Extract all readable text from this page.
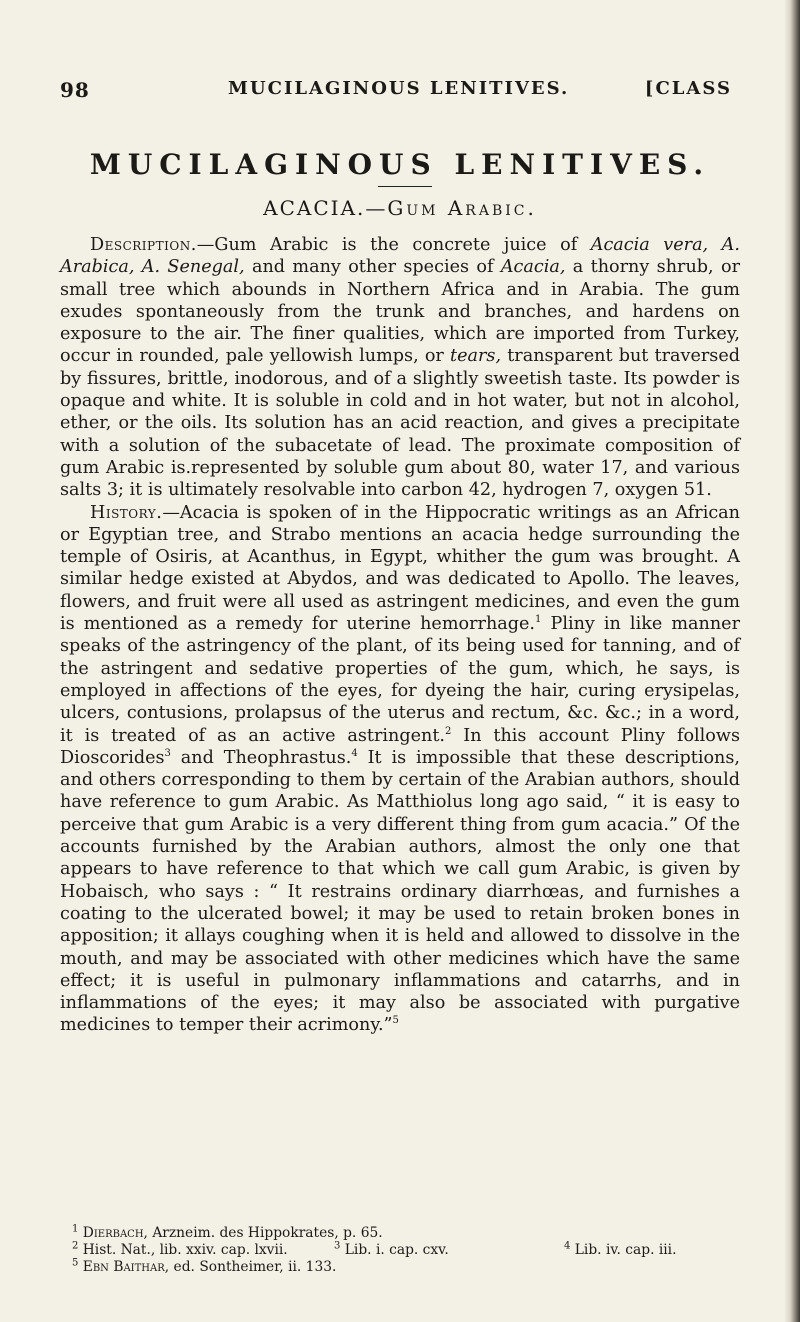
98	MUCILAGINOUS LENITIVES.	[CLASS
MUCILAGINOUS LENITIVES.
ACACIA.—Gum Arabic.

Description.—Gum Arabic is the concrete juice of Acacia vera, A. Arabica, A. Senegal, and many other species of Acacia, a thorny shrub, or small tree which abounds in Northern Africa and in Arabia. The gum exudes spontaneously from the trunk and branches, and hardens on exposure to the air. The finer qualities, which are imported from Turkey, occur in rounded, pale yellowish lumps, or tears, transparent but traversed by fissures, brittle, inodorous, and of a slightly sweetish taste. Its powder is opaque and white. It is soluble in cold and in hot water, but not in alcohol, ether, or the oils. Its solution has an acid reaction, and gives a precipitate with a solution of the subacetate of lead. The proximate composition of gum Arabic is.represented by soluble gum about 80, water 17, and various salts 3; it is ultimately resolvable into carbon 42, hydrogen 7, oxygen 51.

History.—Acacia is spoken of in the Hippocratic writings as an African or Egyptian tree, and Strabo mentions an acacia hedge surrounding the temple of Osiris, at Acanthus, in Egypt, whither the gum was brought. A similar hedge existed at Abydos, and was dedicated to Apollo. The leaves, flowers, and fruit were all used as astringent medicines, and even the gum is mentioned as a remedy for uterine hemorrhage.$^1$ Pliny in like manner speaks of the astringency of the plant, of its being used for tanning, and of the astringent and sedative properties of the gum, which, he says, is employed in affections of the eyes, for dyeing the hair, curing erysipelas, ulcers, contusions, prolapsus of the uterus and rectum, &c. &c.; in a word, it is treated of as an active astringent.$^2$ In this account Pliny follows Dioscorides$^3$ and Theophrastus.$^4$ It is impossible that these descriptions, and others corresponding to them by certain of the Arabian authors, should have reference to gum Arabic. As Matthiolus long ago said, “ it is easy to perceive that gum Arabic is a very different thing from gum acacia.” Of the accounts furnished by the Arabian authors, almost the only one that appears to have reference to that which we call gum Arabic, is given by Hobaisch, who says : “ It restrains ordinary diarrhœas, and furnishes a coating to the ulcerated bowel; it may be used to retain broken bones in apposition; it allays coughing when it is held and allowed to dissolve in the mouth, and may be associated with other medicines which have the same effect; it is useful in pulmonary inflammations and catarrhs, and in inflammations of the eyes; it may also be associated with purgative medicines to temper their acrimony.”$^5$

$^1$ Dierbach, Arzneim. des Hippokrates, p. 65.
$^2$ Hist. Nat., lib. xxiv. cap. lxvii.	$^3$ Lib. i. cap. cxv.	$^4$ Lib. iv. cap. iii.
$^5$ Ebn Baithar, ed. Sontheimer, ii. 133.
